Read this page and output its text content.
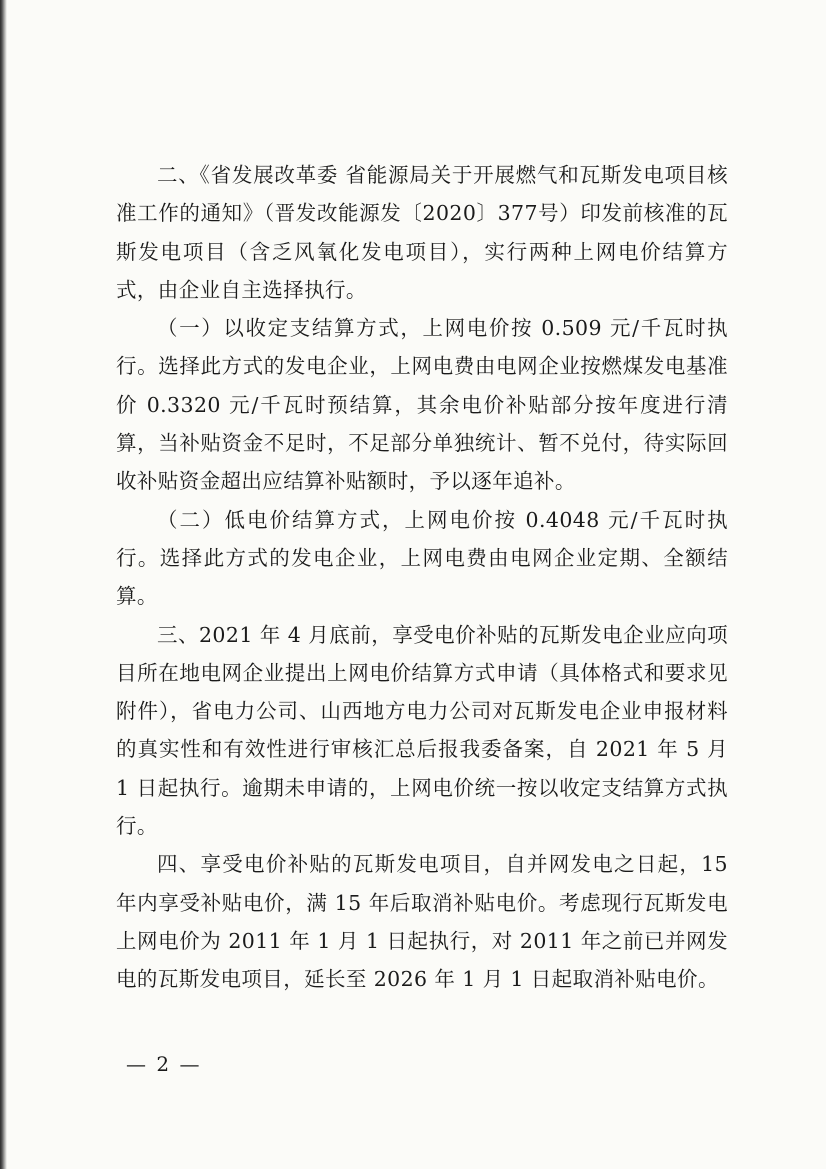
二、《省发展改革委 省能源局关于开展燃气和瓦斯发电项目核准工作的通知》（晋发改能源发〔2020〕377号）印发前核准的瓦斯发电项目（含乏风氧化发电项目），实行两种上网电价结算方式，由企业自主选择执行。

（一）以收定支结算方式，上网电价按 0.509 元/千瓦时执行。选择此方式的发电企业，上网电费由电网企业按燃煤发电基准价 0.3320 元/千瓦时预结算，其余电价补贴部分按年度进行清算，当补贴资金不足时，不足部分单独统计、暂不兑付，待实际回收补贴资金超出应结算补贴额时，予以逐年追补。

（二）低电价结算方式，上网电价按 0.4048 元/千瓦时执行。选择此方式的发电企业，上网电费由电网企业定期、全额结算。

三、2021 年 4 月底前，享受电价补贴的瓦斯发电企业应向项目所在地电网企业提出上网电价结算方式申请（具体格式和要求见附件），省电力公司、山西地方电力公司对瓦斯发电企业申报材料的真实性和有效性进行审核汇总后报我委备案，自 2021 年 5 月 1 日起执行。逾期未申请的，上网电价统一按以收定支结算方式执行。

四、享受电价补贴的瓦斯发电项目，自并网发电之日起，15 年内享受补贴电价，满 15 年后取消补贴电价。考虑现行瓦斯发电上网电价为 2011 年 1 月 1 日起执行，对 2011 年之前已并网发电的瓦斯发电项目，延长至 2026 年 1 月 1 日起取消补贴电价。

— 2 —
